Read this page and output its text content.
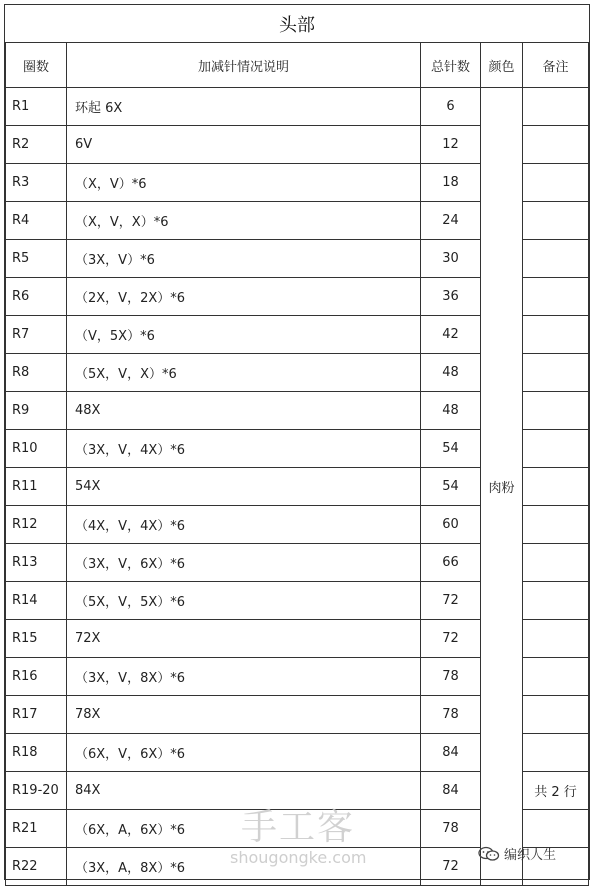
头部
圈数	加减针情况说明	总针数	颜色	备注
R1	环起 6X	6	肉粉	
R2	6V	12		
R3	（X，V）*6	18		
R4	（X，V，X）*6	24		
R5	（3X，V）*6	30		
R6	（2X，V，2X）*6	36		
R7	（V，5X）*6	42		
R8	（5X，V，X）*6	48		
R9	48X	48		
R10	（3X，V，4X）*6	54		
R11	54X	54		
R12	（4X，V，4X）*6	60		
R13	（3X，V，6X）*6	66		
R14	（5X，V，5X）*6	72		
R15	72X	72		
R16	（3X，V，8X）*6	78		
R17	78X	78		
R18	（6X，V，6X）*6	84		
R19-20	84X	84		共 2 行
R21	（6X，A，6X）*6	78		
R22	（3X，A，8X）*6	72		
手工客
shougongke.com	编织人生
